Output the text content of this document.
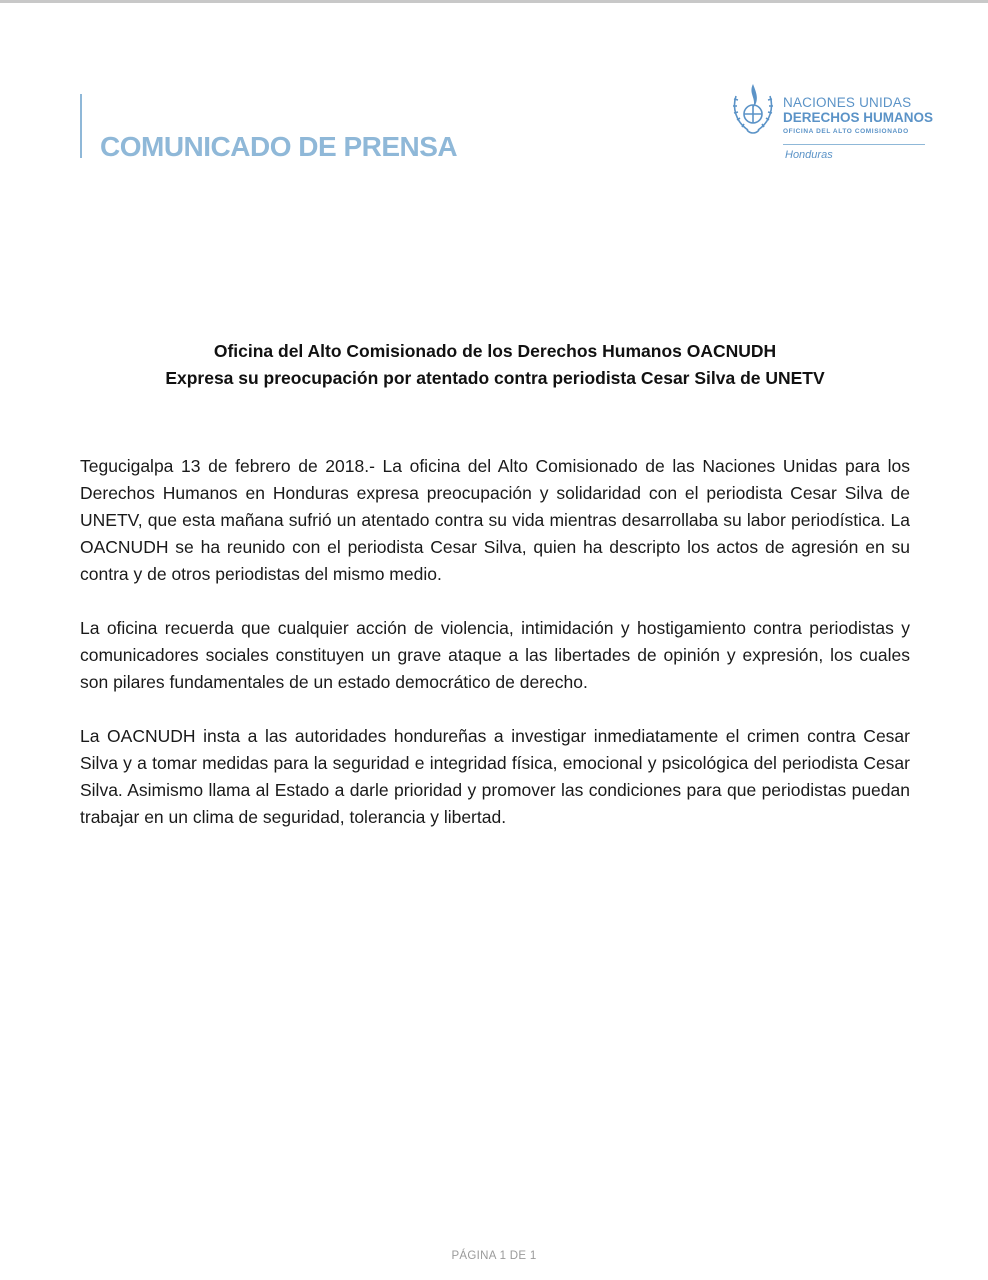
COMUNICADO DE PRENSA
NACIONES UNIDAS
DERECHOS HUMANOS
OFICINA DEL ALTO COMISIONADO
Honduras
Oficina del Alto Comisionado de los Derechos Humanos OACNUDH
Expresa su preocupación por atentado contra periodista Cesar Silva de UNETV

Tegucigalpa 13 de febrero de 2018.- La oficina del Alto Comisionado de las Naciones Unidas para los Derechos Humanos en Honduras expresa preocupación y solidaridad con el periodista Cesar Silva de UNETV, que esta mañana sufrió un atentado contra su vida mientras desarrollaba su labor periodística. La OACNUDH se ha reunido con el periodista Cesar Silva, quien ha descripto los actos de agresión en su contra y de otros periodistas del mismo medio.

La oficina recuerda que cualquier acción de violencia, intimidación y hostigamiento contra periodistas y comunicadores sociales constituyen un grave ataque a las libertades de opinión y expresión, los cuales son pilares fundamentales de un estado democrático de derecho.

La OACNUDH insta a las autoridades hondureñas a investigar inmediatamente el crimen contra Cesar Silva y a tomar medidas para la seguridad e integridad física, emocional y psicológica del periodista Cesar Silva. Asimismo llama al Estado a darle prioridad y promover las condiciones para que periodistas puedan trabajar en un clima de seguridad, tolerancia y libertad.

PÁGINA 1 DE 1
